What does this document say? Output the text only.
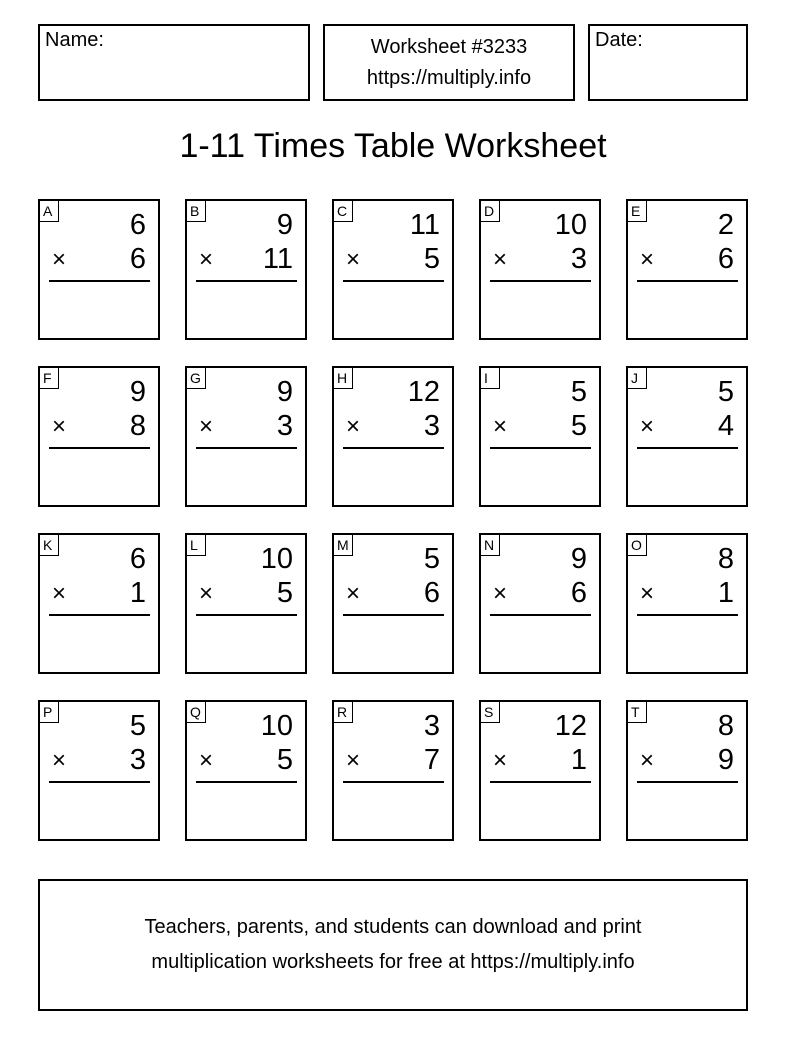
Name:	Worksheet #3233
https://multiply.info
Date:
1-11 Times Table Worksheet
A	6
× 6
B	9
× 11
C 11
× 5
D 10
× 3
E	2
× 6
F	9
× 8
G	9
× 3
H 12
× 3
I	5
× 5
J	5
× 4
K	6
× 1
L 10
× 5
M	5
× 6
N	9
× 6
O	8
× 1
P	5
× 3
Q 10
× 5
R	3
× 7
S 12
× 1
T	8
× 9
Teachers, parents, and students can download and print
multiplication worksheets for free at https://multiply.info
